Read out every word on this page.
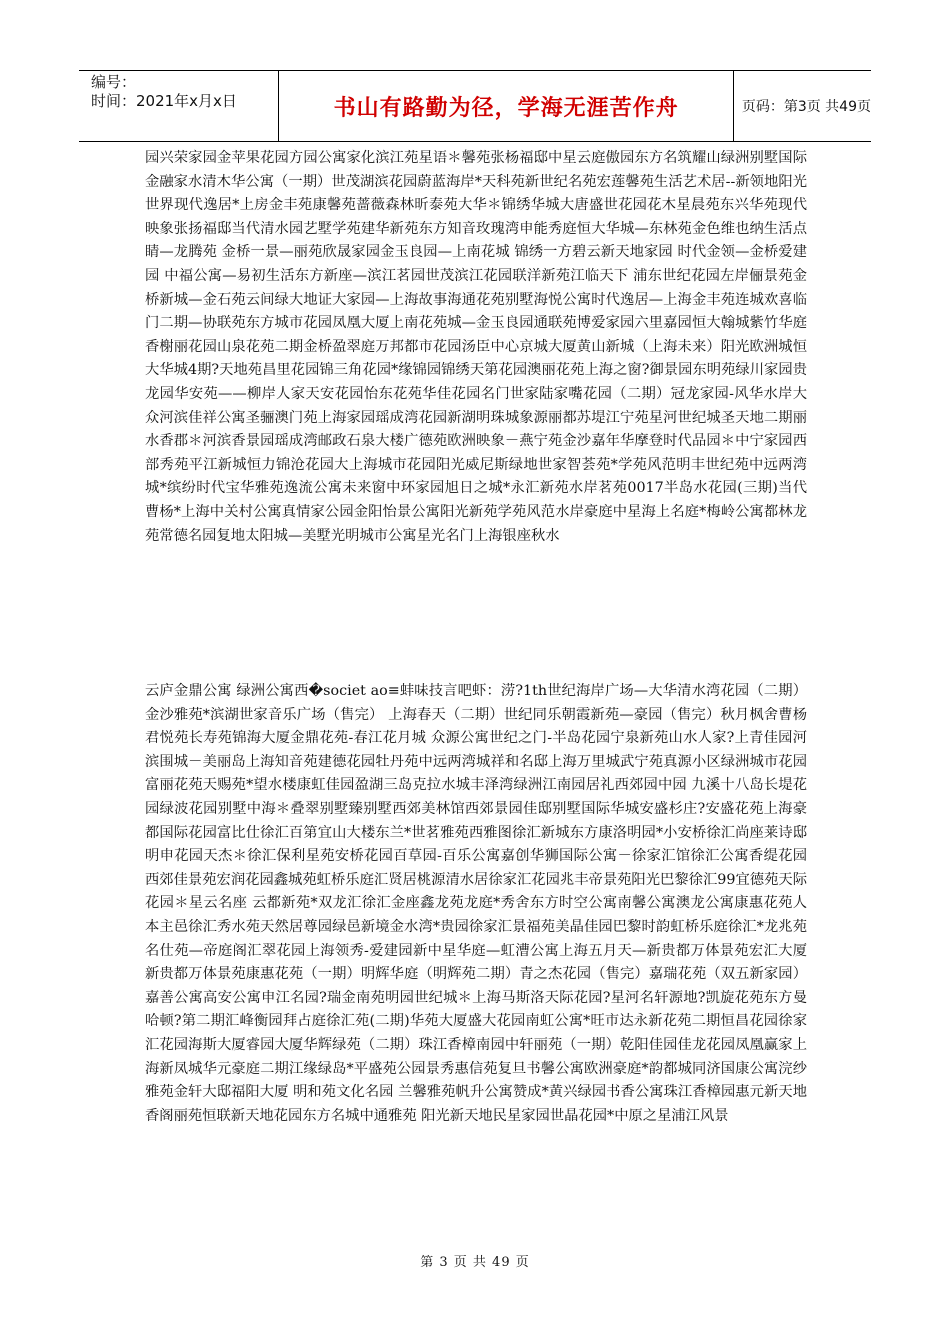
编号：
时间：2021年x月x日	书山有路勤为径，学海无涯苦作舟	页码：第3页 共49页
园兴荣家园金苹果花园方园公寓家化滨江苑星语＊馨苑张杨福邸中星云庭傲园东方名筑耀山绿洲别墅国际金融家水清木华公寓（一期）世茂湖滨花园蔚蓝海岸*天科苑新世纪名苑宏莲馨苑生活艺术居--新领地阳光世界现代逸居*上房金丰苑康馨苑蔷薇森林昕泰苑大华＊锦绣华城大唐盛世花园花木星晨苑东兴华苑现代映象张扬福邸当代清水园艺墅学苑建华新苑东方知音玫瑰湾申能秀庭恒大华城—东林苑金色维也纳生活点睛—龙腾苑 金桥一景—丽苑欣晟家园金玉良园—上南花城 锦绣一方碧云新天地家园 时代金领—金桥爱建园 中福公寓—易初生活东方新座—滨江茗园世茂滨江花园联洋新苑江临天下 浦东世纪花园左岸俪景苑金桥新城—金石苑云间绿大地证大家园—上海故事海通花苑别墅海悦公寓时代逸居—上海金丰苑连城欢喜临门二期—协联苑东方城市花园凤凰大厦上南花苑城—金玉良园通联苑博爱家园六里嘉园恒大翰城紫竹华庭香榭丽花园山泉花苑二期金桥盈翠庭万邦都市花园汤臣中心京城大厦黄山新城（上海未来）阳光欧洲城恒大华城4期?天地苑昌里花园锦三角花园*缘锦园锦绣天第花园澳丽花苑上海之窗?御景园东明苑绿川家园贵龙园华安苑——柳岸人家天安花园怡东花苑华佳花园名门世家陆家嘴花园（二期）冠龙家园-风华水岸大众河滨佳祥公寓圣骊澳门苑上海家园瑶成湾花园新湖明珠城象源丽都苏堤江宁苑星河世纪城圣天地二期丽水香郡＊河滨香景园瑶成湾邮政石泉大楼广德苑欧洲映象－燕宁苑金沙嘉年华摩登时代品园＊中宁家园西部秀苑平江新城恒力锦沧花园大上海城市花园阳光威尼斯绿地世家智荟苑*学苑风范明丰世纪苑中远两湾城*缤纷时代宝华雅苑逸流公寓未来窗中环家园旭日之城*永汇新苑水岸茗苑0017半岛水花园(三期)当代曹杨*上海中关村公寓真情家公园金阳怡景公寓阳光新苑学苑风范水岸豪庭中星海上名庭*梅岭公寓都林龙苑常德名园复地太阳城—美墅光明城市公寓星光名门上海银座秋水
云庐金鼎公寓 绿洲公寓西�societ ao≡蚌味技言吧虾：涝?1th世纪海岸广场—大华清水湾花园（二期）金沙雅苑*滨湖世家音乐广场（售完） 上海春天（二期）世纪同乐朝霞新苑—豪园（售完）秋月枫舍曹杨君悦苑长寿苑锦海大厦金鼎花苑-春江花月城 众源公寓世纪之门-半岛花园宁泉新苑山水人家?上青佳园河滨围城－美丽岛上海知音苑建德花园牡丹苑中远两湾城祥和名邸上海万里城武宁苑真源小区绿洲城市花园富丽花苑天赐苑*望水楼康虹佳园盈湖三岛克拉水城丰泽湾绿洲江南园居礼西郊园中园 九溪十八岛长堤花园绿波花园别墅中海＊叠翠别墅臻别墅西郊美林馆西郊景园佳邸别墅国际华城安盛杉庄?安盛花苑上海豪都国际花园富比仕徐汇百第宜山大楼东兰*世茗雅苑西雅图徐汇新城东方康洛明园*小安桥徐汇尚座莱诗邸明申花园天杰＊徐汇保利星苑安桥花园百草园-百乐公寓嘉创华狮国际公寓－徐家汇馆徐汇公寓香缇花园西郊佳景苑宏润花园鑫城苑虹桥乐庭汇贤居桃源清水居徐家汇花园兆丰帝景苑阳光巴黎徐汇99宜德苑天际花园＊星云名座 云都新苑*双龙汇徐汇金座鑫龙苑龙庭*秀舍东方时空公寓南馨公寓澳龙公寓康惠花苑人本主邑徐汇秀水苑天然居尊园绿邑新境金水湾*贵园徐家汇景福苑美晶佳园巴黎时韵虹桥乐庭徐汇*龙兆苑名仕苑—帝庭阁汇翠花园上海领秀-爱建园新中星华庭—虹漕公寓上海五月天—新贵都万体景苑宏汇大厦 新贵都万体景苑康惠花苑（一期）明辉华庭（明辉苑二期）青之杰花园（售完）嘉瑞花苑（双五新家园）嘉善公寓高安公寓申江名园?瑞金南苑明园世纪城＊上海马斯洛天际花园?星河名轩源地?凯旋花苑东方曼哈顿?第二期汇峰衡园拜占庭徐汇苑(二期)华苑大厦盛大花园南虹公寓*旺市达永新花苑二期恒昌花园徐家汇花园海斯大厦睿园大厦华辉绿苑（二期）珠江香樟南园中轩丽苑（一期）乾阳佳园佳龙花园凤凰赢家上海新凤城华元豪庭二期江缘绿岛*平盛苑公园景秀惠信苑复旦书馨公寓欧洲豪庭*韵都城同济国康公寓浣纱雅苑金轩大邸福阳大厦 明和苑文化名园 兰馨雅苑帆升公寓赞成*黄兴绿园书香公寓珠江香樟园惠元新天地香阁丽苑恒联新天地花园东方名城中通雅苑 阳光新天地民星家园世晶花园*中原之星浦江风景
第 3 页 共 49 页
